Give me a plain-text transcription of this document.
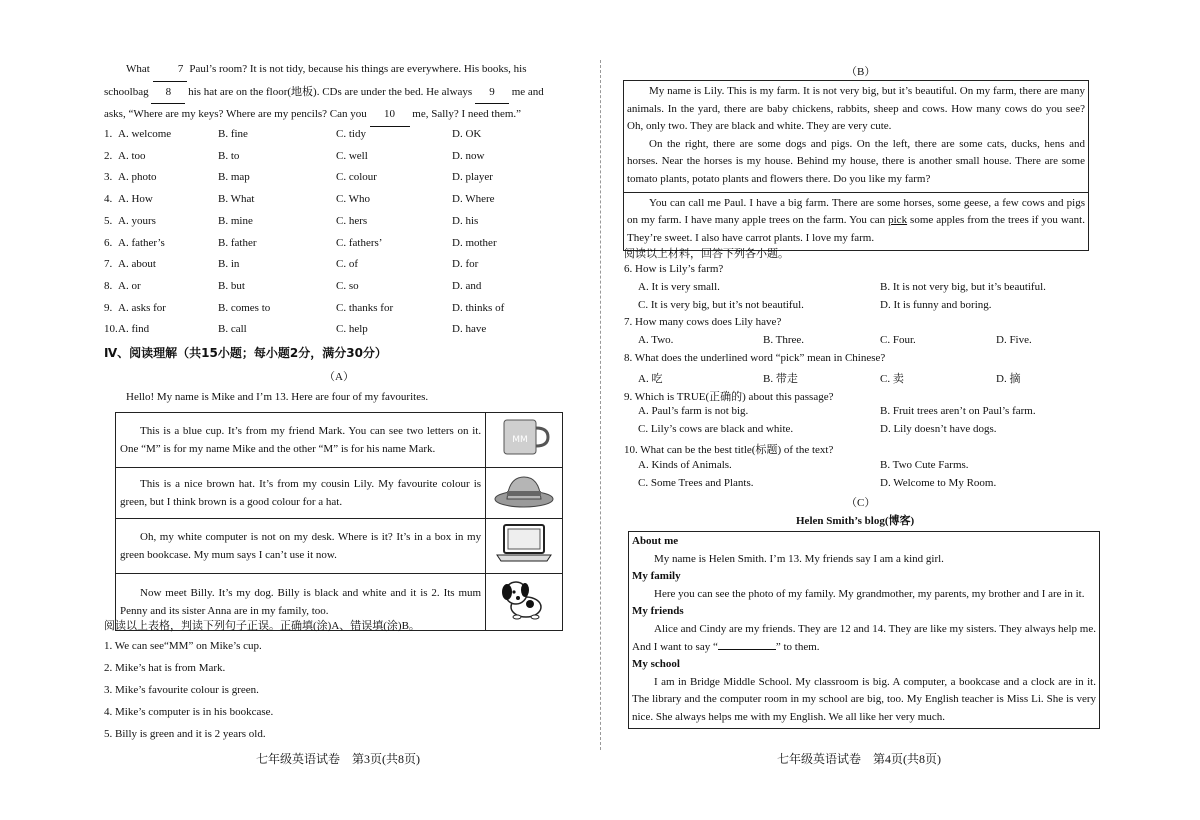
What	7 Paul’s room? It is not tidy, because his things are everywhere. His books, his
schoolbag 8 his hat are on the floor(地板). CDs are under the bed. He always 9 me and
asks, “Where are my keys? Where are my pencils? Can you 10 me, Sally? I need them.”
1. A. welcome	B. fine	C. tidy	D. OK
2. A. too	B. to	C. well	D. now
3. A. photo	B. map	C. colour	D. player
4. A. How	B. What	C. Who	D. Where
5. A. yours	B. mine	C. hers	D. his
6. A. father’s	B. father	C. fathers’	D. mother
7. A. about	B. in	C. of	D. for
8. A. or	B. but	C. so	D. and
9. A. asks for	B. comes to	C. thanks for	D. thinks of
10. A. find	B. call	C. help	D. have
Ⅳ、阅读理解（共15小题；每小题2分，满分30分）
（A）
Hello! My name is Mike and I’m 13. Here are four of my favourites.
This is a blue cup. It’s from my friend Mark. You can see two letters on it. One “M” is for my name Mike and the other “M” is for his name Mark.	MM

This is a nice brown hat. It’s from my cousin Lily. My favourite colour is green, but I think brown is a good colour for a hat.	
Oh, my white computer is not on my desk. Where is it? It’s in a box in my green bookcase. My mum says I can’t use it now.	
Now meet Billy. It’s my dog. Billy is black and white and it is 2. Its mum Penny and its sister Anna are in my family, too.	
阅读以上表格，判读下列句子正误。正确填(涂)A、错误填(涂)B。
1. We can see“MM” on Mike’s cup.
2. Mike’s hat is from Mark.
3. Mike’s favourite colour is green.
4. Mike’s computer is in his bookcase.
5. Billy is green and it is 2 years old.
七年级英语试卷　第3页(共8页)
（B）

My name is Lily. This is my farm. It is not very big, but it’s beautiful. On my farm, there are many animals. In the yard, there are baby chickens, rabbits, sheep and cows. How many cows do you see? Oh, only two. They are black and white. They are very cute.

On the right, there are some dogs and pigs. On the left, there are some cats, ducks, hens and horses. Near the horses is my house. Behind my house, there is another small house. There are some tomato plants, potato plants and flowers there. Do you like my farm?

You can call me Paul. I have a big farm. There are some horses, some geese, a few cows and pigs on my farm. I have many apple trees on the farm. You can pick some apples from the trees if you want. They’re sweet. I also have carrot plants. I love my farm.

阅读以上材料，回答下列各小题。
6. How is Lily’s farm?
A. It is very small.	B. It is not very big, but it’s beautiful.
C. It is very big, but it’s not beautiful.	D. It is funny and boring.
7. How many cows does Lily have?
A. Two.	B. Three.	C. Four.	D. Five.
8. What does the underlined word “pick” mean in Chinese?
A. 吃	B. 带走	C. 卖	D. 摘
9. Which is TRUE(正确的) about this passage?
A. Paul’s farm is not big.	B. Fruit trees aren’t on Paul’s farm.
C. Lily’s cows are black and white.	D. Lily doesn’t have dogs.
10. What can be the best title(标题) of the text?
A. Kinds of Animals.	B. Two Cute Farms.
C. Some Trees and Plants.	D. Welcome to My Room.
（C）
Helen Smith’s blog(博客)
About me

My name is Helen Smith. I’m 13. My friends say I am a kind girl.

My family

Here you can see the photo of my family. My grandmother, my parents, my brother and I are in it.

My friends

Alice and Cindy are my friends. They are 12 and 14. They are like my sisters. They always help me. And I want to say “	” to them.

My school

I am in Bridge Middle School. My classroom is big. A computer, a bookcase and a clock are in it. The library and the computer room in my school are big, too. My English teacher is Miss Li. She is very nice. She always helps me with my English. We all like her very much.

七年级英语试卷　第4页(共8页)
